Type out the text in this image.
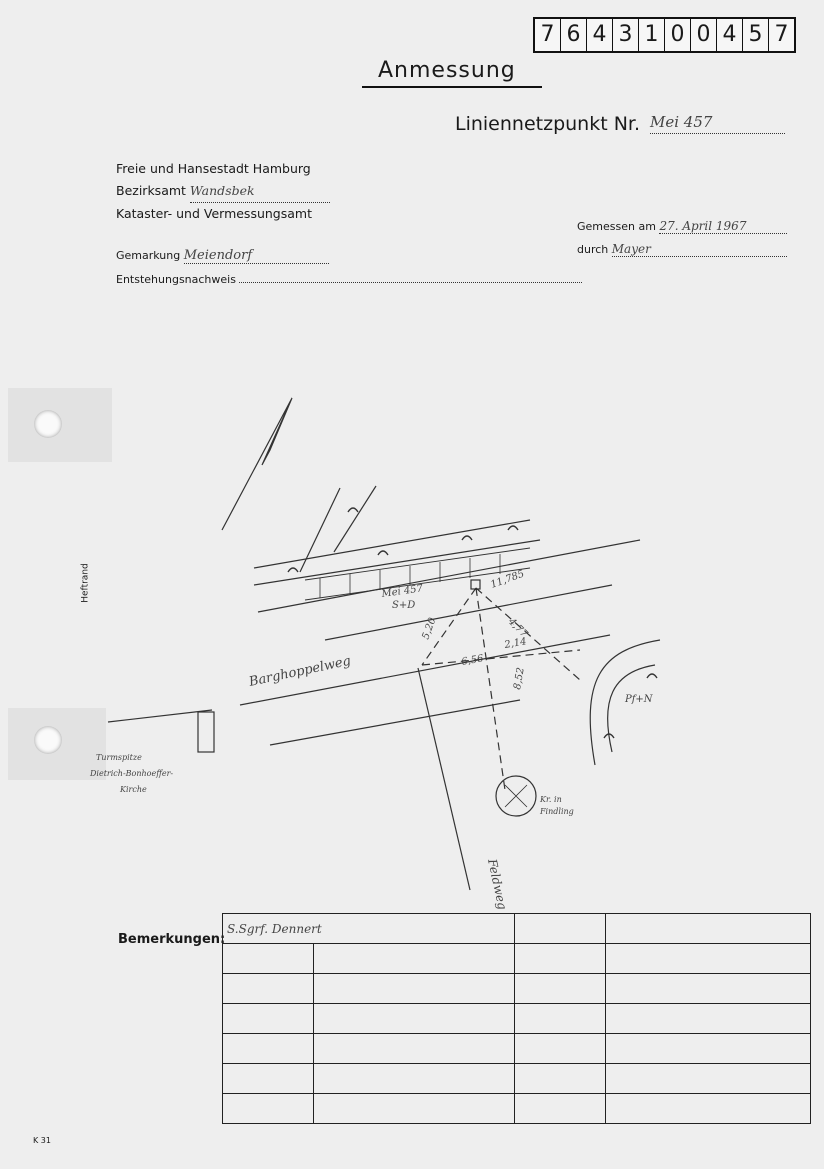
7 6 4 3 1 0 0 4 5 7
Anmessung
Liniennetzpunkt Nr. Mei 457
Freie und Hansestadt Hamburg
Bezirksamt Wandsbek
Kataster- und Vermessungsamt
Gemarkung Meiendorf
Entstehungsnachweis
Gemessen am 27. April 1967
durch Mayer
Heftrand
Barghoppelweg
Mei 457
S+D
Feldweg
Turmspitze
Dietrich-Bonhoeffer-
Kirche
Kr. in
Findling
5,20
8,52
4,77
2,14
6,56
11,785
Pf+N
Bemerkungen:
S.Sgrf. Dennert			

K 31
